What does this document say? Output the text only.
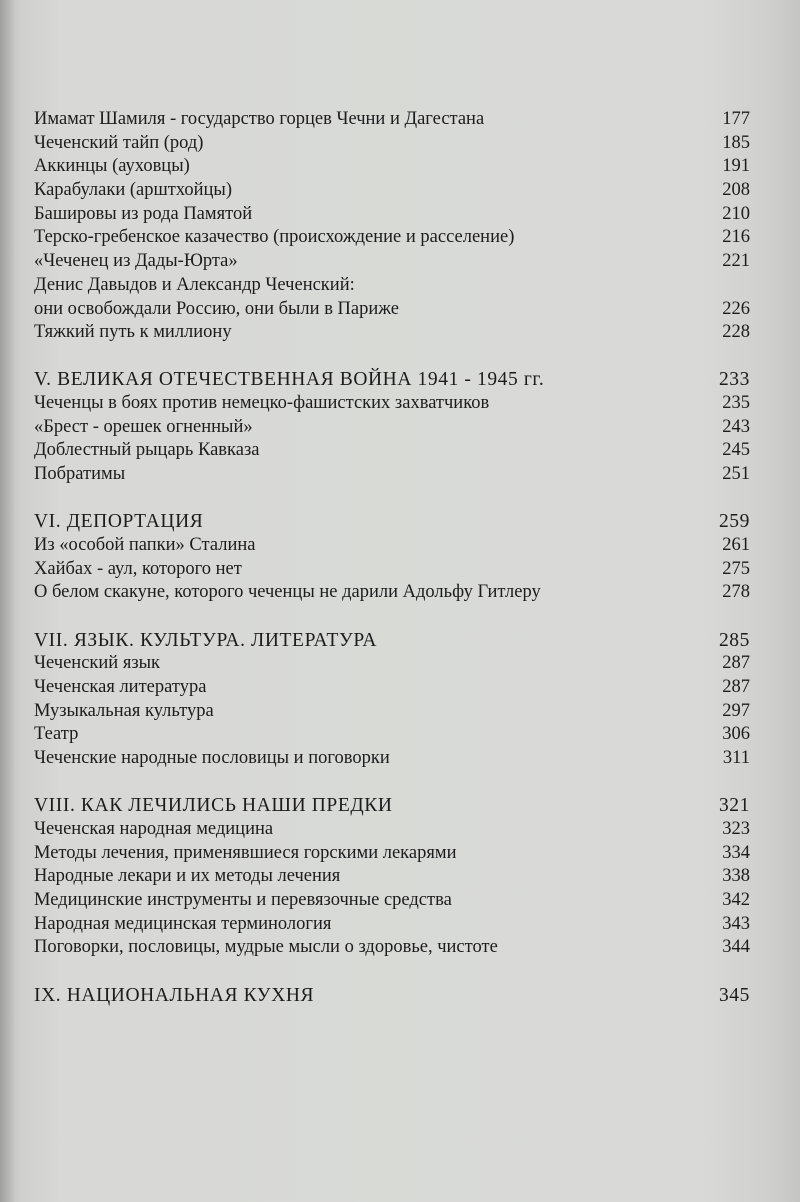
Имамат Шамиля - государство горцев Чечни и Дагестана	177
Чеченский тайп (род)	185
Аккинцы (ауховцы)	191
Карабулаки (арштхойцы)	208
Башировы из рода Памятой	210
Терско-гребенское казачество (происхождение и расселение)	216
«Чеченец из Дады-Юрта»	221
Денис Давыдов и Александр Чеченский:
они освобождали Россию, они были в Париже	226
Тяжкий путь к миллиону	228
V. ВЕЛИКАЯ ОТЕЧЕСТВЕННАЯ ВОЙНА 1941 - 1945 гг.	233
Чеченцы в боях против немецко-фашистских захватчиков	235
«Брест - орешек огненный»	243
Доблестный рыцарь Кавказа	245
Побратимы	251
VI. ДЕПОРТАЦИЯ	259
Из «особой папки» Сталина	261
Хайбах - аул, которого нет	275
О белом скакуне, которого чеченцы не дарили Адольфу Гитлеру	278
VII. ЯЗЫК. КУЛЬТУРА. ЛИТЕРАТУРА	285
Чеченский язык	287
Чеченская литература	287
Музыкальная культура	297
Театр	306
Чеченские народные пословицы и поговорки	311
VIII. КАК ЛЕЧИЛИСЬ НАШИ ПРЕДКИ	321
Чеченская народная медицина	323
Методы лечения, применявшиеся горскими лекарями	334
Народные лекари и их методы лечения	338
Медицинские инструменты и перевязочные средства	342
Народная медицинская терминология	343
Поговорки, пословицы, мудрые мысли о здоровье, чистоте	344
IX. НАЦИОНАЛЬНАЯ КУХНЯ	345
